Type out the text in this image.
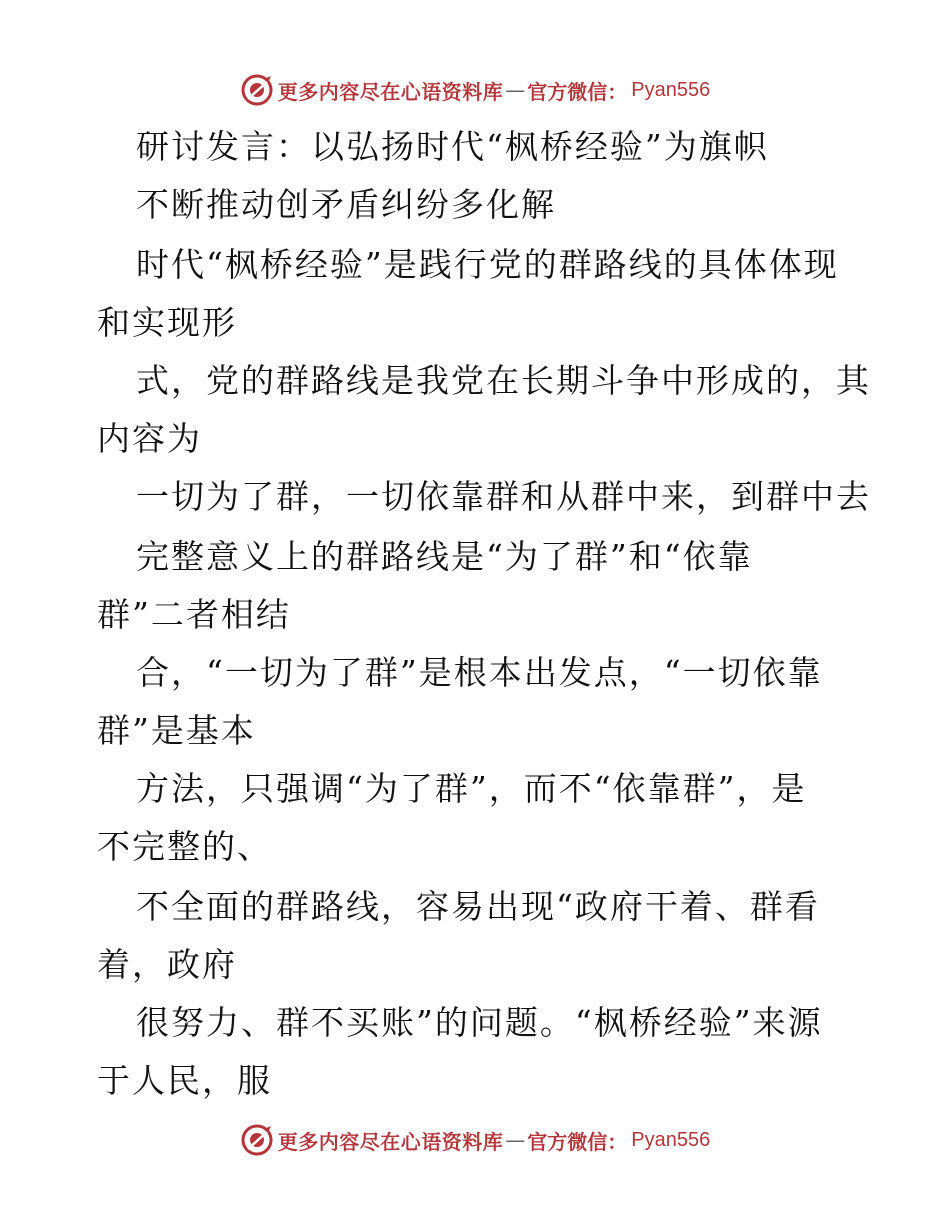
更多内容尽在心语资料库 — 官方微信： Pyan556
研讨发言：以弘扬时代“枫桥经验”为旗帜
不断推动创矛盾纠纷多化解
时代“枫桥经验”是践行党的群路线的具体体现
和实现形
式，党的群路线是我党在长期斗争中形成的，其
内容为
一切为了群，一切依靠群和从群中来，到群中去
完整意义上的群路线是“为了群”和“依靠
群”二者相结
合，“一切为了群”是根本出发点，“一切依靠
群”是基本
方法，只强调“为了群”，而不“依靠群”，是
不完整的、
不全面的群路线，容易出现“政府干着、群看
着，政府
很努力、群不买账”的问题。“枫桥经验”来源
于人民，服
更多内容尽在心语资料库 — 官方微信： Pyan556
